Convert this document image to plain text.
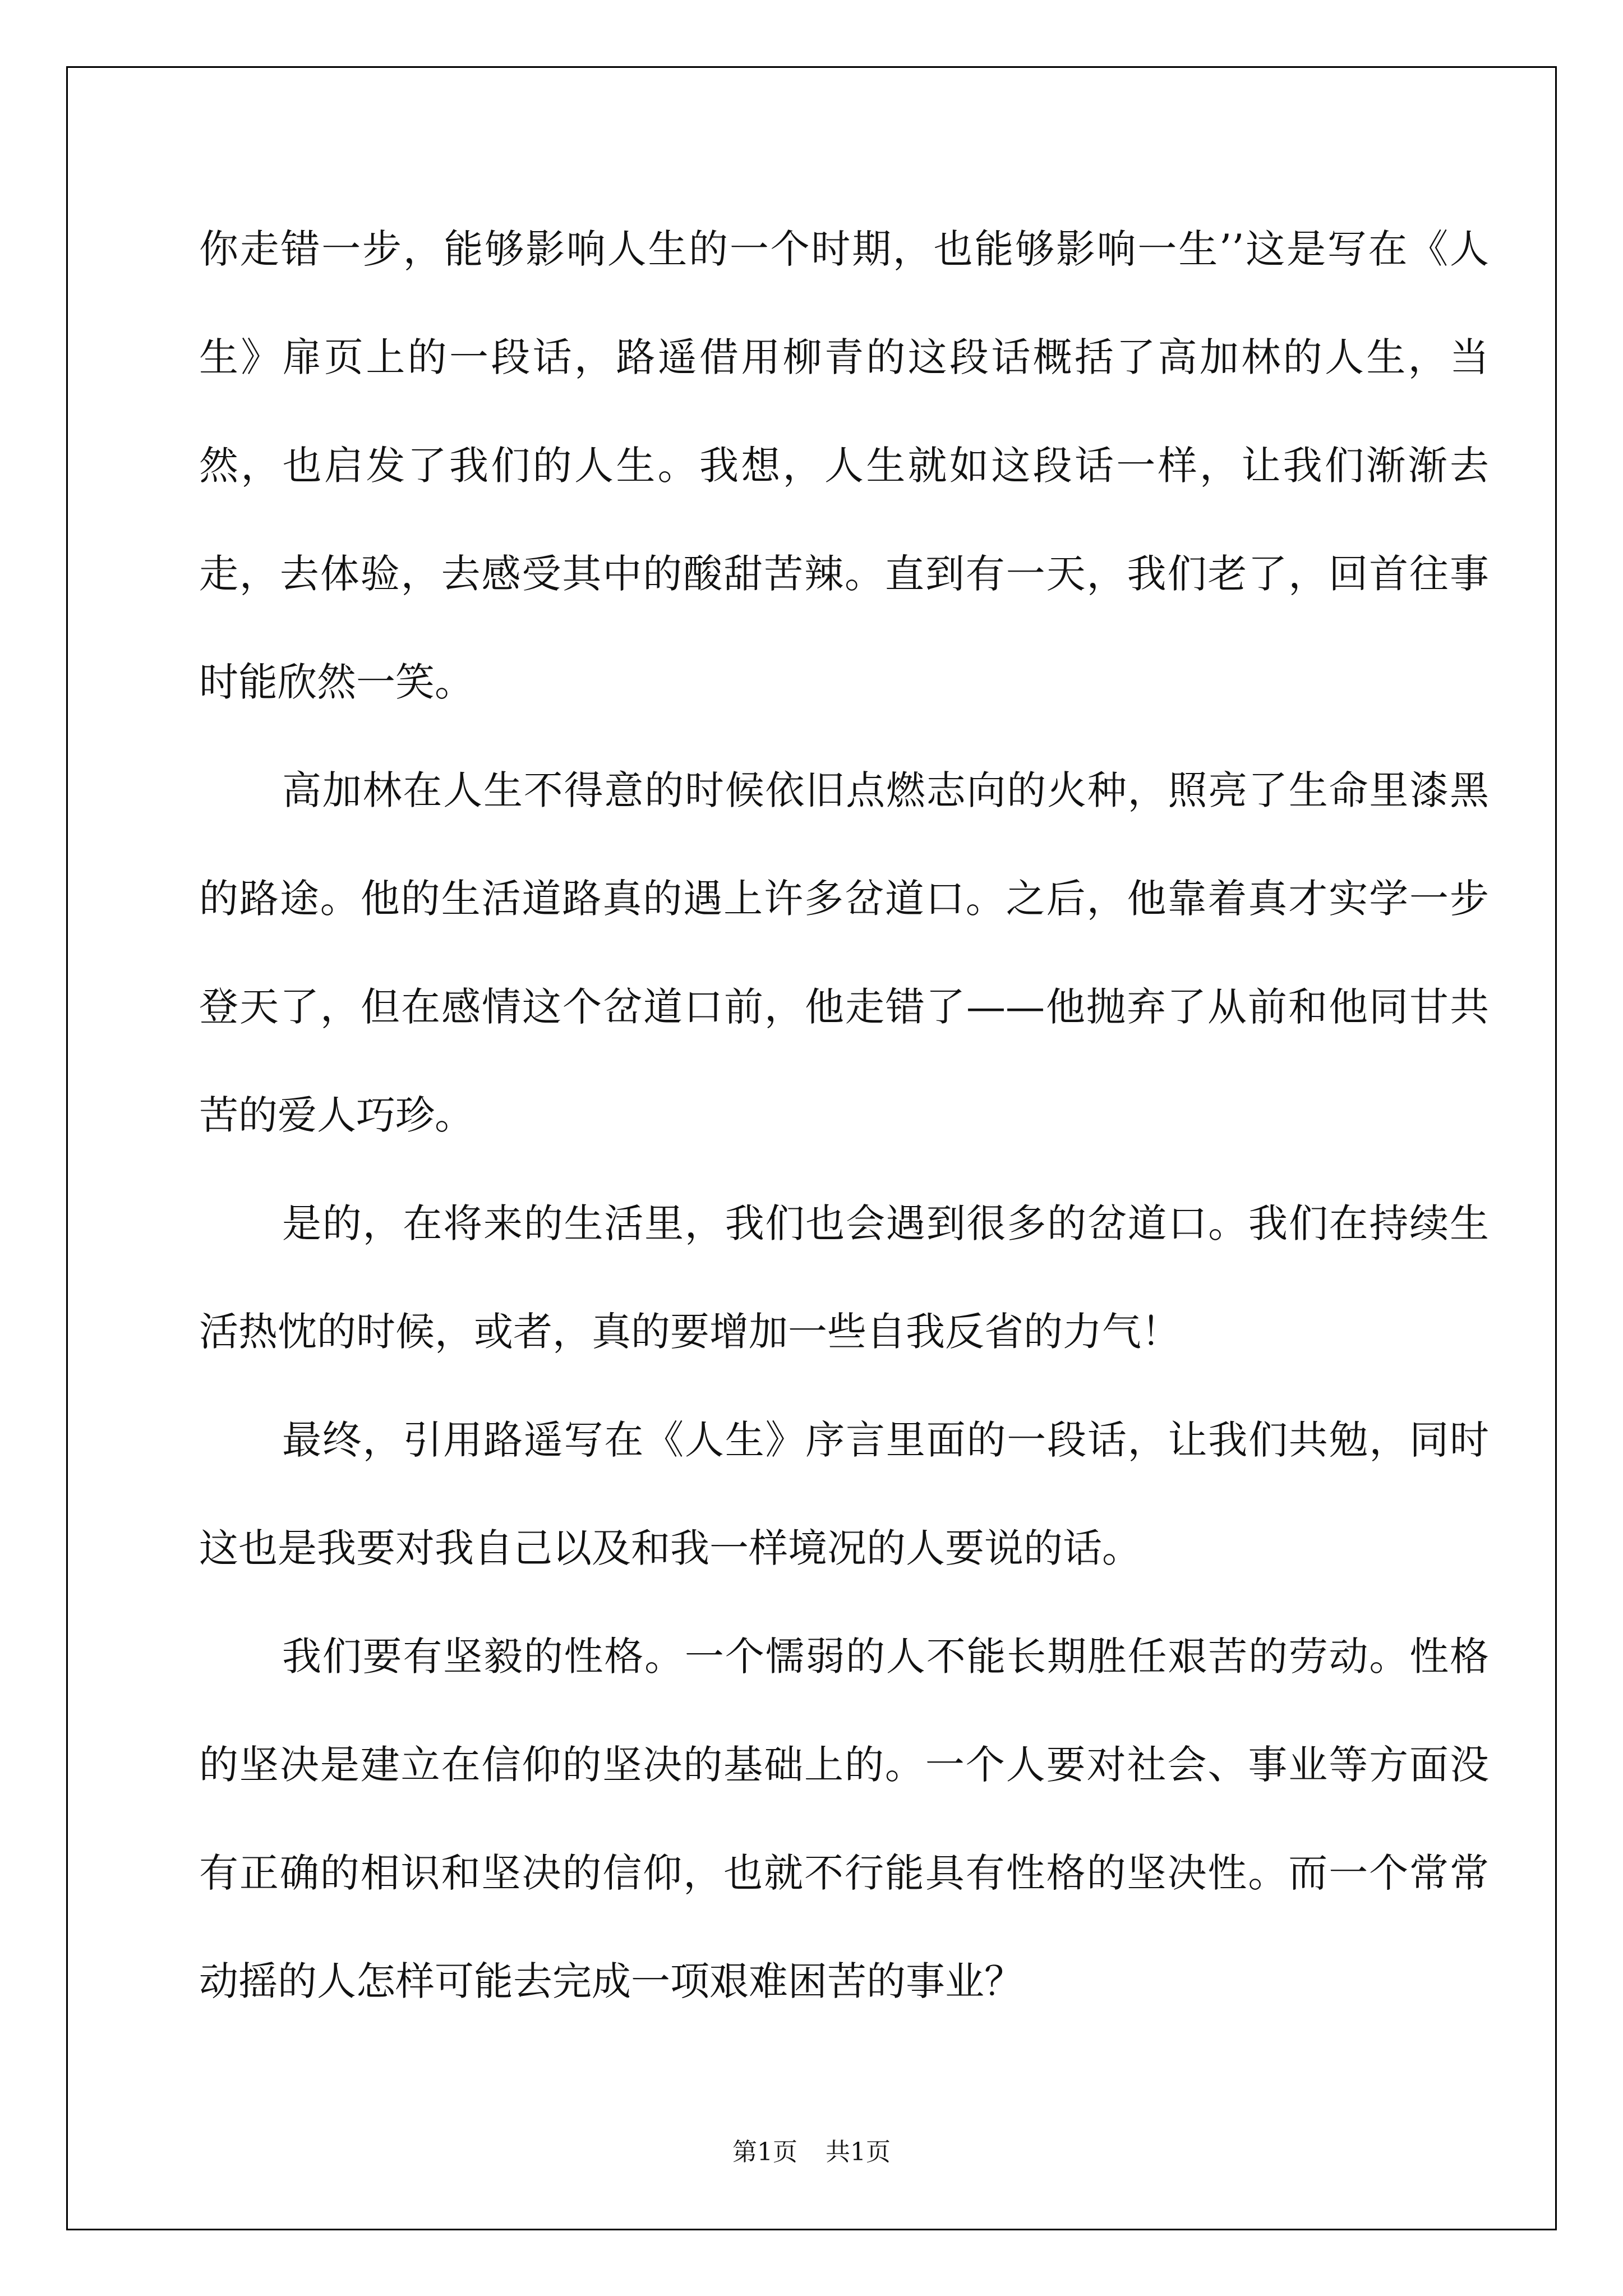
你走错一步，能够影响人生的一个时期，也能够影响一生’’这是写在《人生》扉页上的一段话，路遥借用柳青的这段话概括了高加林的人生，当然，也启发了我们的人生。我想，人生就如这段话一样，让我们渐渐去走，去体验，去感受其中的酸甜苦辣。直到有一天，我们老了，回首往事时能欣然一笑。

高加林在人生不得意的时候依旧点燃志向的火种，照亮了生命里漆黑的路途。他的生活道路真的遇上许多岔道口。之后，他靠着真才实学一步登天了，但在感情这个岔道口前，他走错了——他抛弃了从前和他同甘共苦的爱人巧珍。

是的，在将来的生活里，我们也会遇到很多的岔道口。我们在持续生活热忱的时候，或者，真的要增加一些自我反省的力气！

最终，引用路遥写在《人生》序言里面的一段话，让我们共勉，同时这也是我要对我自己以及和我一样境况的人要说的话。

我们要有坚毅的性格。一个懦弱的人不能长期胜任艰苦的劳动。性格的坚决是建立在信仰的坚决的基础上的。一个人要对社会、事业等方面没有正确的相识和坚决的信仰，也就不行能具有性格的坚决性。而一个常常动摇的人怎样可能去完成一项艰难困苦的事业？

第1页 共1页
